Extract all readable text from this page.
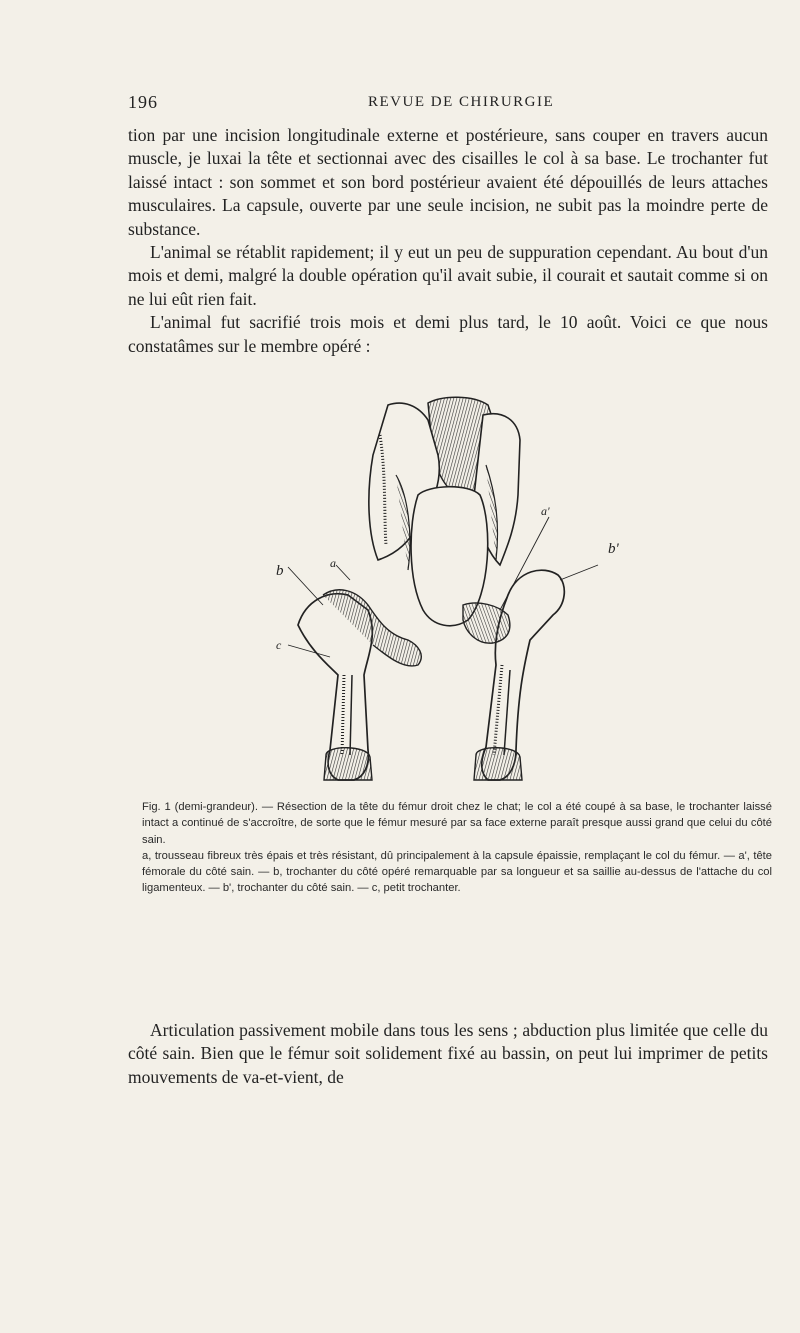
196	REVUE DE CHIRURGIE

tion par une incision longitudinale externe et postérieure, sans couper en travers aucun muscle, je luxai la tête et sectionnai avec des cisailles le col à sa base. Le trochanter fut laissé intact : son sommet et son bord postérieur avaient été dépouillés de leurs attaches musculaires. La capsule, ouverte par une seule incision, ne subit pas la moindre perte de substance.

L'animal se rétablit rapidement; il y eut un peu de suppuration cependant. Au bout d'un mois et demi, malgré la double opération qu'il avait subie, il courait et sautait comme si on ne lui eût rien fait.

L'animal fut sacrifié trois mois et demi plus tard, le 10 août. Voici ce que nous constatâmes sur le membre opéré :

a'
b'
b	a
c

Fig. 1 (demi-grandeur). — Résection de la tête du fémur droit chez le chat; le col a été coupé à sa base, le trochanter laissé intact a continué de s'accroître, de sorte que le fémur mesuré par sa face externe paraît presque aussi grand que celui du côté sain.

a, trousseau fibreux très épais et très résistant, dû principalement à la capsule épaissie, remplaçant le col du fémur. — a', tête fémorale du côté sain. — b, trochanter du côté opéré remarquable par sa longueur et sa saillie au-dessus de l'attache du col ligamenteux. — b', trochanter du côté sain. — c, petit trochanter.

Articulation passivement mobile dans tous les sens ; abduction plus limitée que celle du côté sain. Bien que le fémur soit solidement fixé au bassin, on peut lui imprimer de petits mouvements de va-et-vient, de
